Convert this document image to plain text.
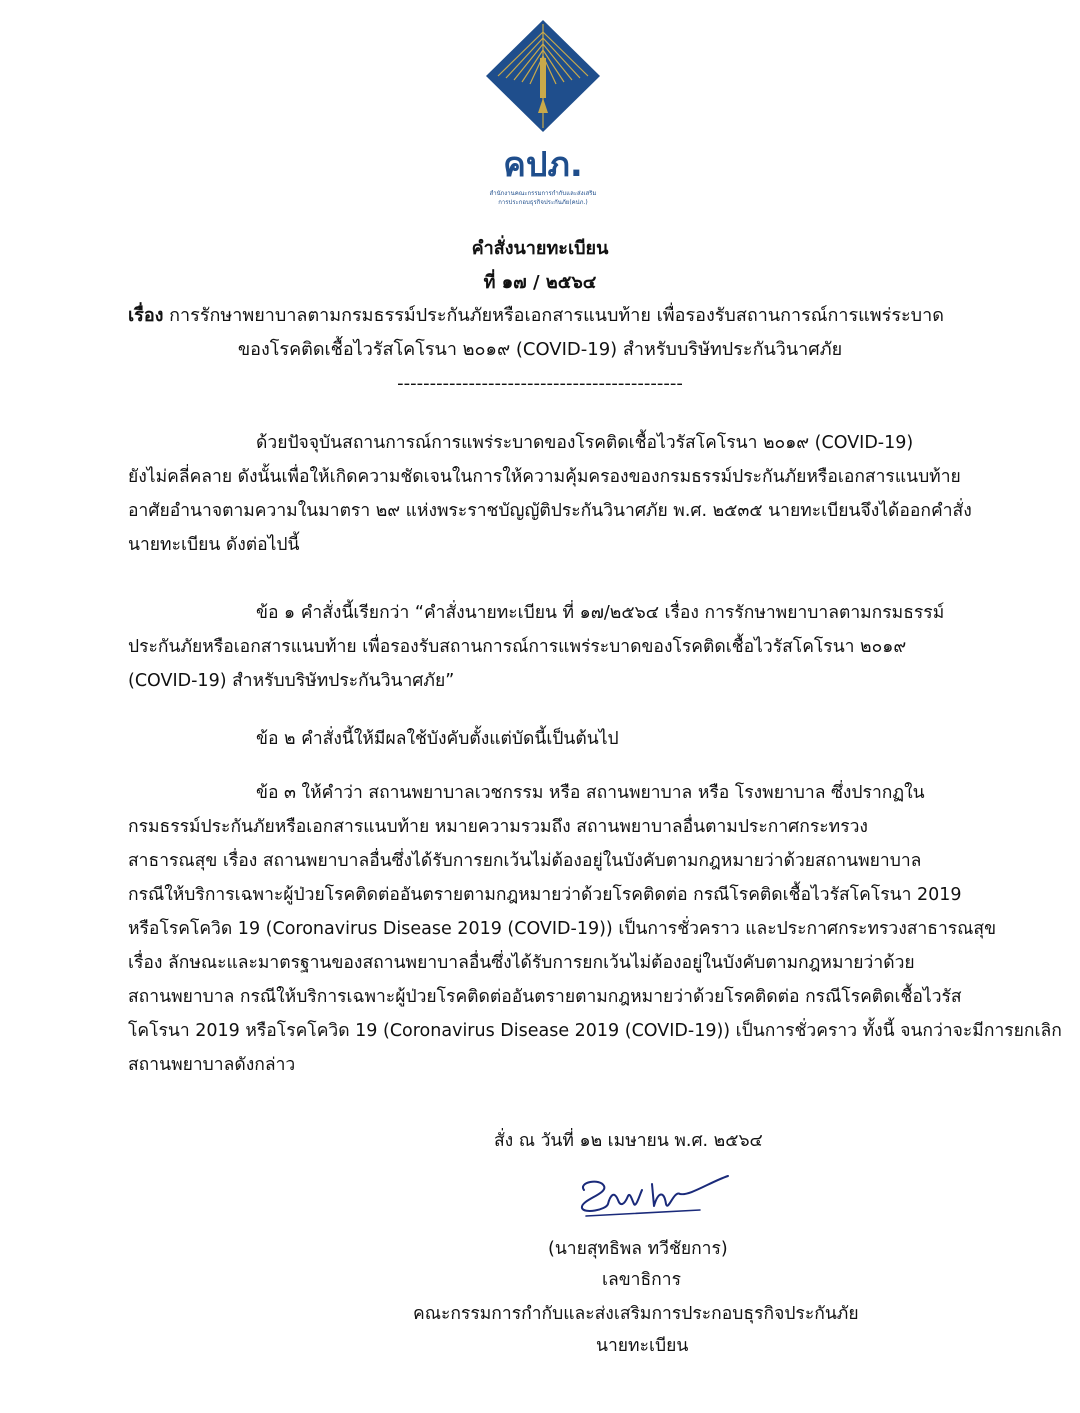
คปภ.
สำนักงานคณะกรรมการกำกับและส่งเสริม
การประกอบธุรกิจประกันภัย(คปภ.)
คำสั่งนายทะเบียน
ที่ ๑๗ / ๒๕๖๔
เรื่อง การรักษาพยาบาลตามกรมธรรม์ประกันภัยหรือเอกสารแนบท้าย เพื่อรองรับสถานการณ์การแพร่ระบาด
ของโรคติดเชื้อไวรัสโคโรนา ๒๐๑๙ (COVID-19) สำหรับบริษัทประกันวินาศภัย
--------------------------------------------
ด้วยปัจจุบันสถานการณ์การแพร่ระบาดของโรคติดเชื้อไวรัสโคโรนา ๒๐๑๙ (COVID-19)
ยังไม่คลี่คลาย ดังนั้นเพื่อให้เกิดความชัดเจนในการให้ความคุ้มครองของกรมธรรม์ประกันภัยหรือเอกสารแนบท้าย
อาศัยอำนาจตามความในมาตรา ๒๙ แห่งพระราชบัญญัติประกันวินาศภัย พ.ศ. ๒๕๓๕ นายทะเบียนจึงได้ออกคำสั่ง
นายทะเบียน ดังต่อไปนี้
ข้อ ๑ คำสั่งนี้เรียกว่า “คำสั่งนายทะเบียน ที่ ๑๗/๒๕๖๔ เรื่อง การรักษาพยาบาลตามกรมธรรม์
ประกันภัยหรือเอกสารแนบท้าย เพื่อรองรับสถานการณ์การแพร่ระบาดของโรคติดเชื้อไวรัสโคโรนา ๒๐๑๙
(COVID-19) สำหรับบริษัทประกันวินาศภัย”
ข้อ ๒ คำสั่งนี้ให้มีผลใช้บังคับตั้งแต่บัดนี้เป็นต้นไป
ข้อ ๓ ให้คำว่า สถานพยาบาลเวชกรรม หรือ สถานพยาบาล หรือ โรงพยาบาล ซึ่งปรากฏใน
กรมธรรม์ประกันภัยหรือเอกสารแนบท้าย หมายความรวมถึง สถานพยาบาลอื่นตามประกาศกระทรวง
สาธารณสุข เรื่อง สถานพยาบาลอื่นซึ่งได้รับการยกเว้นไม่ต้องอยู่ในบังคับตามกฎหมายว่าด้วยสถานพยาบาล
กรณีให้บริการเฉพาะผู้ป่วยโรคติดต่ออันตรายตามกฎหมายว่าด้วยโรคติดต่อ กรณีโรคติดเชื้อไวรัสโคโรนา 2019
หรือโรคโควิด 19 (Coronavirus Disease 2019 (COVID-19)) เป็นการชั่วคราว และประกาศกระทรวงสาธารณสุข
เรื่อง ลักษณะและมาตรฐานของสถานพยาบาลอื่นซึ่งได้รับการยกเว้นไม่ต้องอยู่ในบังคับตามกฎหมายว่าด้วย
สถานพยาบาล กรณีให้บริการเฉพาะผู้ป่วยโรคติดต่ออันตรายตามกฎหมายว่าด้วยโรคติดต่อ กรณีโรคติดเชื้อไวรัส
โคโรนา 2019 หรือโรคโควิด 19 (Coronavirus Disease 2019 (COVID-19)) เป็นการชั่วคราว ทั้งนี้ จนกว่าจะมีการยกเลิก
สถานพยาบาลดังกล่าว
สั่ง ณ วันที่ ๑๒ เมษายน พ.ศ. ๒๕๖๔
(นายสุทธิพล ทวีชัยการ)
เลขาธิการ
คณะกรรมการกำกับและส่งเสริมการประกอบธุรกิจประกันภัย
นายทะเบียน
